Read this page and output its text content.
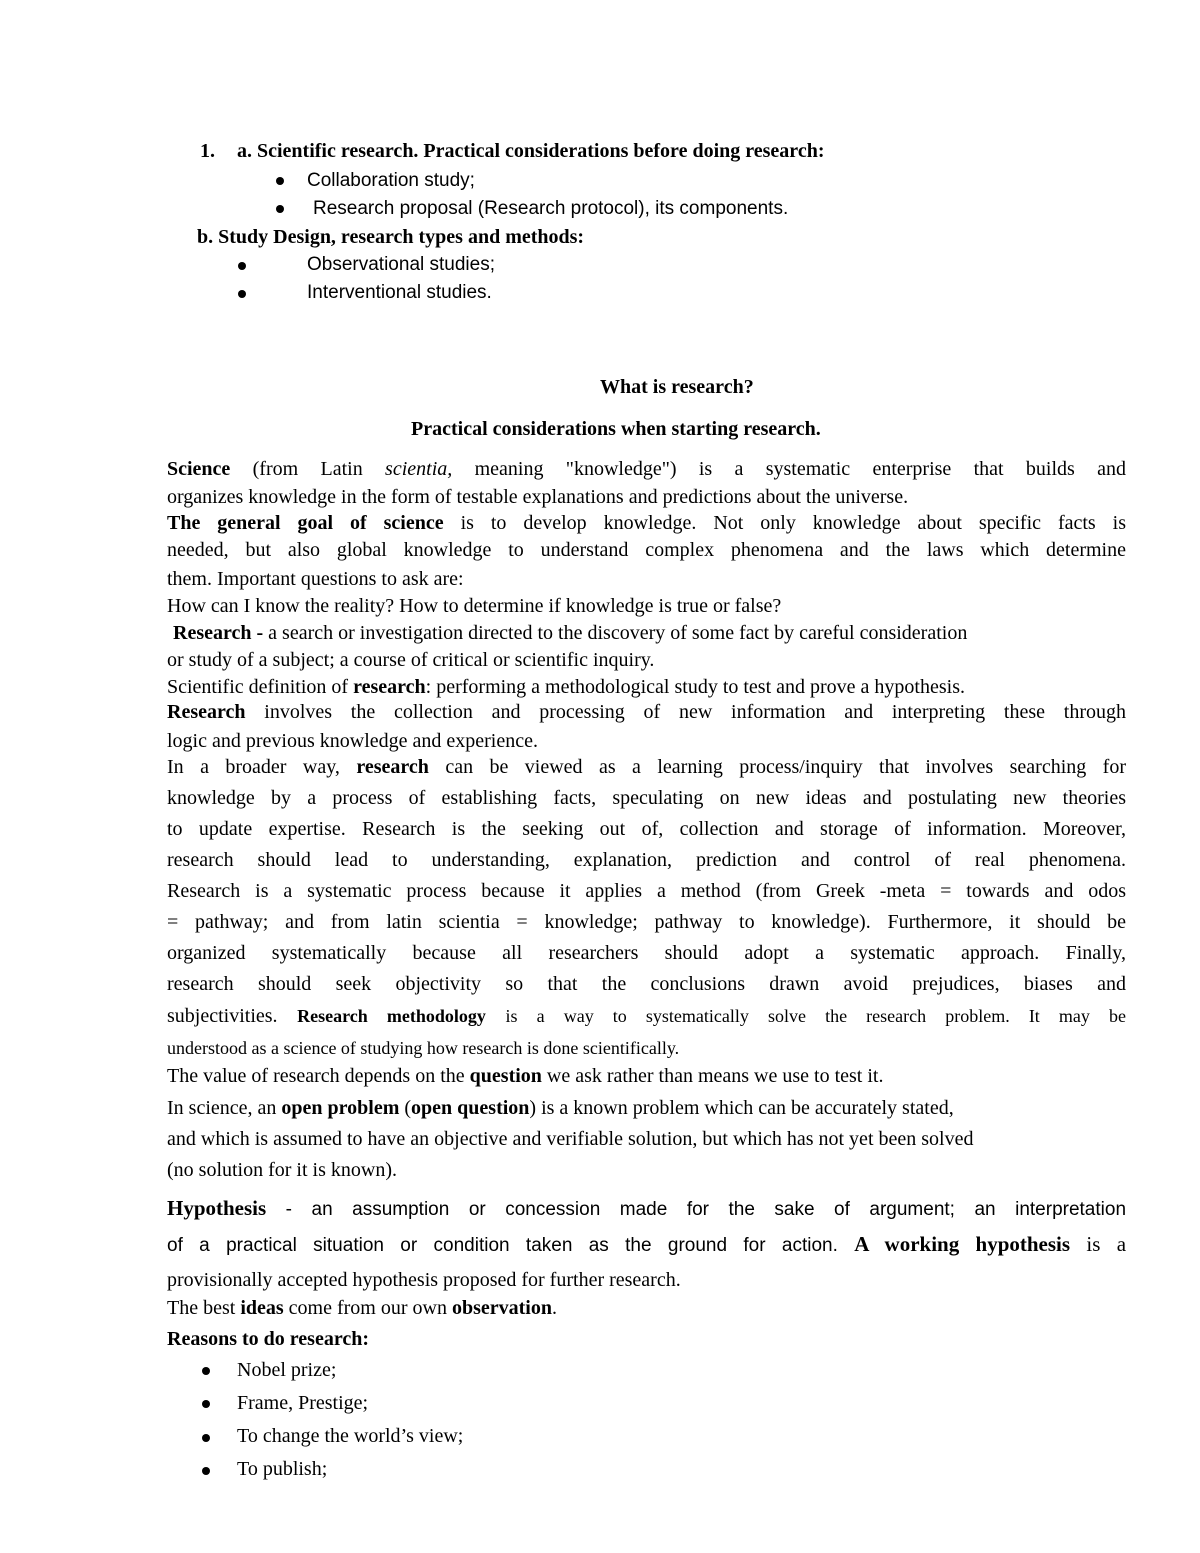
1. a. Scientific research. Practical considerations before doing research:
Collaboration study;
Research proposal (Research protocol), its components.
b. Study Design, research types and methods:
Observational studies;
Interventional studies.
What is research?
Practical considerations when starting research.
Science (from Latin scientia, meaning "knowledge") is a systematic enterprise that builds and
organizes knowledge in the form of testable explanations and predictions about the universe.
The general goal of science is to develop knowledge. Not only knowledge about specific facts is
needed, but also global knowledge to understand complex phenomena and the laws which determine
them. Important questions to ask are:
How can I know the reality? How to determine if knowledge is true or false?
Research - a search or investigation directed to the discovery of some fact by careful consideration
or study of a subject; a course of critical or scientific inquiry.
Scientific definition of research: performing a methodological study to test and prove a hypothesis.
Research involves the collection and processing of new information and interpreting these through
logic and previous knowledge and experience.
In a broader way, research can be viewed as a learning process/inquiry that involves searching for
knowledge by a process of establishing facts, speculating on new ideas and postulating new theories
to update expertise. Research is the seeking out of, collection and storage of information. Moreover,
research should lead to understanding, explanation, prediction and control of real phenomena.
Research is a systematic process because it applies a method (from Greek -meta = towards and odos
= pathway; and from latin scientia = knowledge; pathway to knowledge). Furthermore, it should be
organized systematically because all researchers should adopt a systematic approach. Finally,
research should seek objectivity so that the conclusions drawn avoid prejudices, biases and
subjectivities. Research methodology is a way to systematically solve the research problem. It may be
understood as a science of studying how research is done scientifically.
The value of research depends on the question we ask rather than means we use to test it.
In science, an open problem (open question) is a known problem which can be accurately stated,
and which is assumed to have an objective and verifiable solution, but which has not yet been solved
(no solution for it is known).
Hypothesis - an assumption or concession made for the sake of argument; an interpretation
of a practical situation or condition taken as the ground for action. A working hypothesis is a
provisionally accepted hypothesis proposed for further research.
The best ideas come from our own observation.
Reasons to do research:
Nobel prize;
Frame, Prestige;
To change the world’s view;
To publish;
